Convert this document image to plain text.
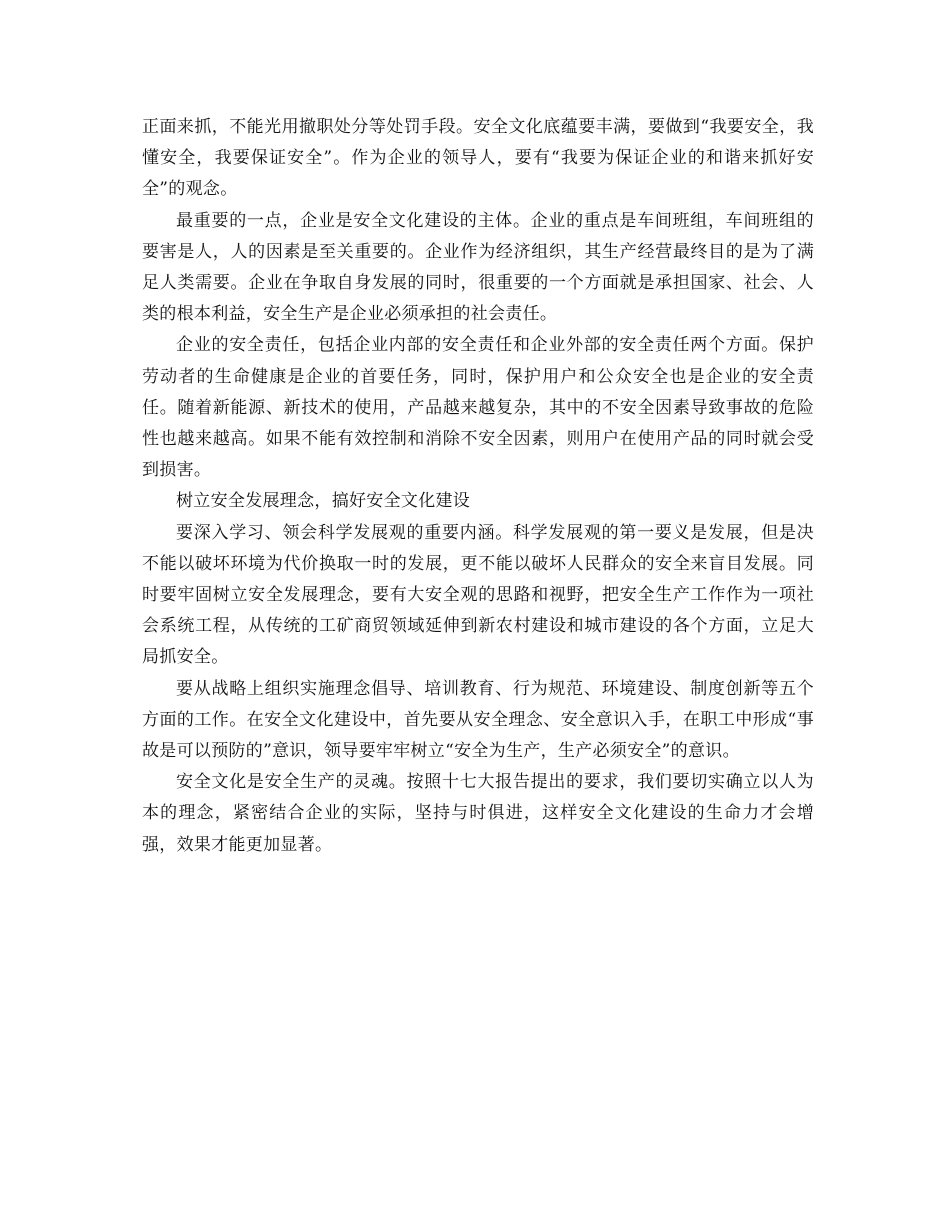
正面来抓，不能光用撤职处分等处罚手段。安全文化底蕴要丰满，要做到“我要安全，我懂安全，我要保证安全”。作为企业的领导人，要有“我要为保证企业的和谐来抓好安全”的观念。

最重要的一点，企业是安全文化建设的主体。企业的重点是车间班组，车间班组的要害是人，人的因素是至关重要的。企业作为经济组织，其生产经营最终目的是为了满足人类需要。企业在争取自身发展的同时，很重要的一个方面就是承担国家、社会、人类的根本利益，安全生产是企业必须承担的社会责任。

企业的安全责任，包括企业内部的安全责任和企业外部的安全责任两个方面。保护劳动者的生命健康是企业的首要任务，同时，保护用户和公众安全也是企业的安全责任。随着新能源、新技术的使用，产品越来越复杂，其中的不安全因素导致事故的危险性也越来越高。如果不能有效控制和消除不安全因素，则用户在使用产品的同时就会受到损害。

树立安全发展理念，搞好安全文化建设

要深入学习、领会科学发展观的重要内涵。科学发展观的第一要义是发展，但是决不能以破坏环境为代价换取一时的发展，更不能以破坏人民群众的安全来盲目发展。同时要牢固树立安全发展理念，要有大安全观的思路和视野，把安全生产工作作为一项社会系统工程，从传统的工矿商贸领域延伸到新农村建设和城市建设的各个方面，立足大局抓安全。

要从战略上组织实施理念倡导、培训教育、行为规范、环境建设、制度创新等五个方面的工作。在安全文化建设中，首先要从安全理念、安全意识入手，在职工中形成“事故是可以预防的”意识，领导要牢牢树立“安全为生产，生产必须安全”的意识。

安全文化是安全生产的灵魂。按照十七大报告提出的要求，我们要切实确立以人为本的理念，紧密结合企业的实际，坚持与时俱进，这样安全文化建设的生命力才会增强，效果才能更加显著。
